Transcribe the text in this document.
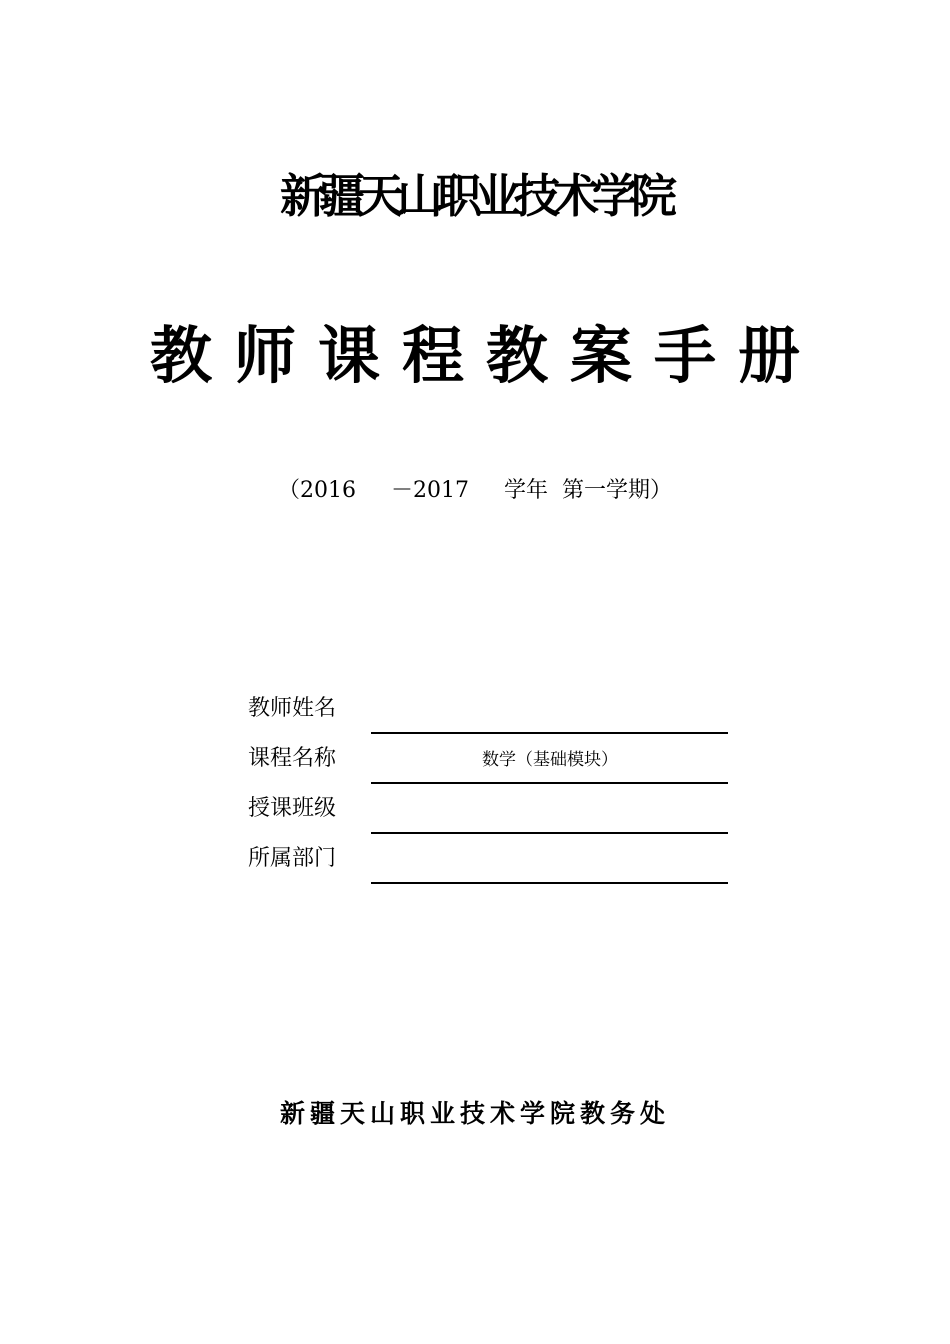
新疆天山职业技术学院
教师课程教案手册
（2016     －2017     学年  第一学期）
教师姓名
课程名称	数学（基础模块）
授课班级
所属部门
新疆天山职业技术学院教务处
